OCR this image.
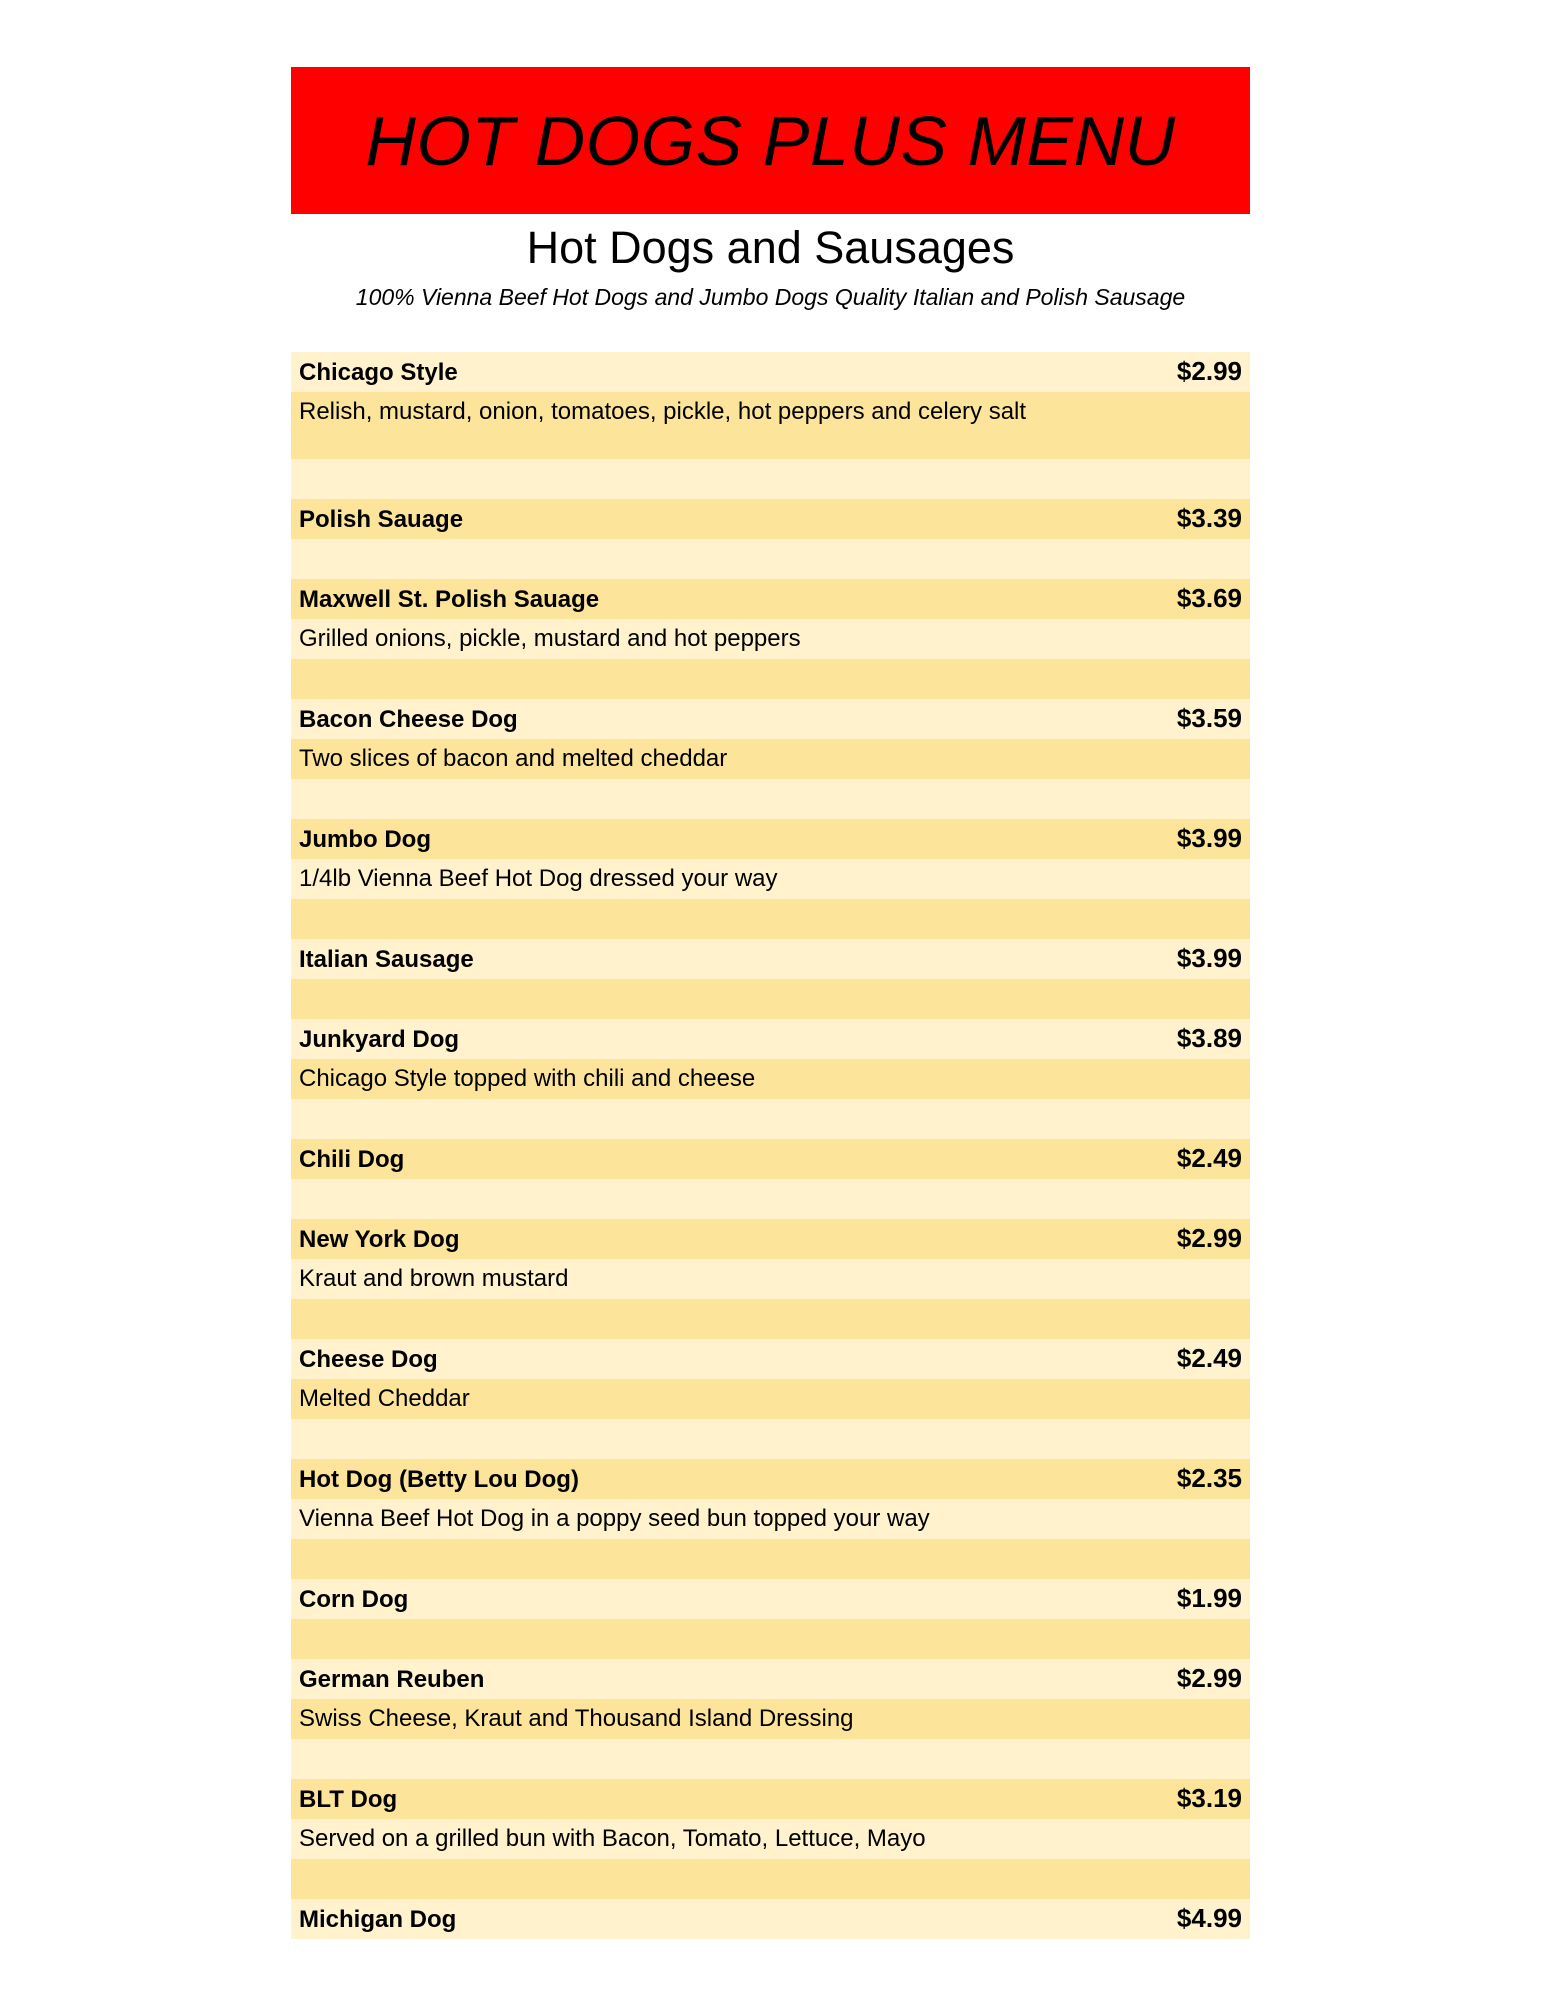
HOT DOGS PLUS MENU
Hot Dogs and Sausages
100% Vienna Beef Hot Dogs and Jumbo Dogs Quality Italian and Polish Sausage
Chicago Style	$2.99
Relish, mustard, onion, tomatoes, pickle, hot peppers and celery salt
Polish Sauage	$3.39
Maxwell St. Polish Sauage	$3.69
Grilled onions, pickle, mustard and hot peppers
Bacon Cheese Dog	$3.59
Two slices of bacon and melted cheddar
Jumbo Dog	$3.99
1/4lb Vienna Beef Hot Dog dressed your way
Italian Sausage	$3.99
Junkyard Dog	$3.89
Chicago Style topped with chili and cheese
Chili Dog	$2.49
New York Dog	$2.99
Kraut and brown mustard
Cheese Dog	$2.49
Melted Cheddar
Hot Dog (Betty Lou Dog)	$2.35
Vienna Beef Hot Dog in a poppy seed bun topped your way
Corn Dog	$1.99
German Reuben	$2.99
Swiss Cheese, Kraut and Thousand Island Dressing
BLT Dog	$3.19
Served on a grilled bun with Bacon, Tomato, Lettuce, Mayo
Michigan Dog	$4.99
